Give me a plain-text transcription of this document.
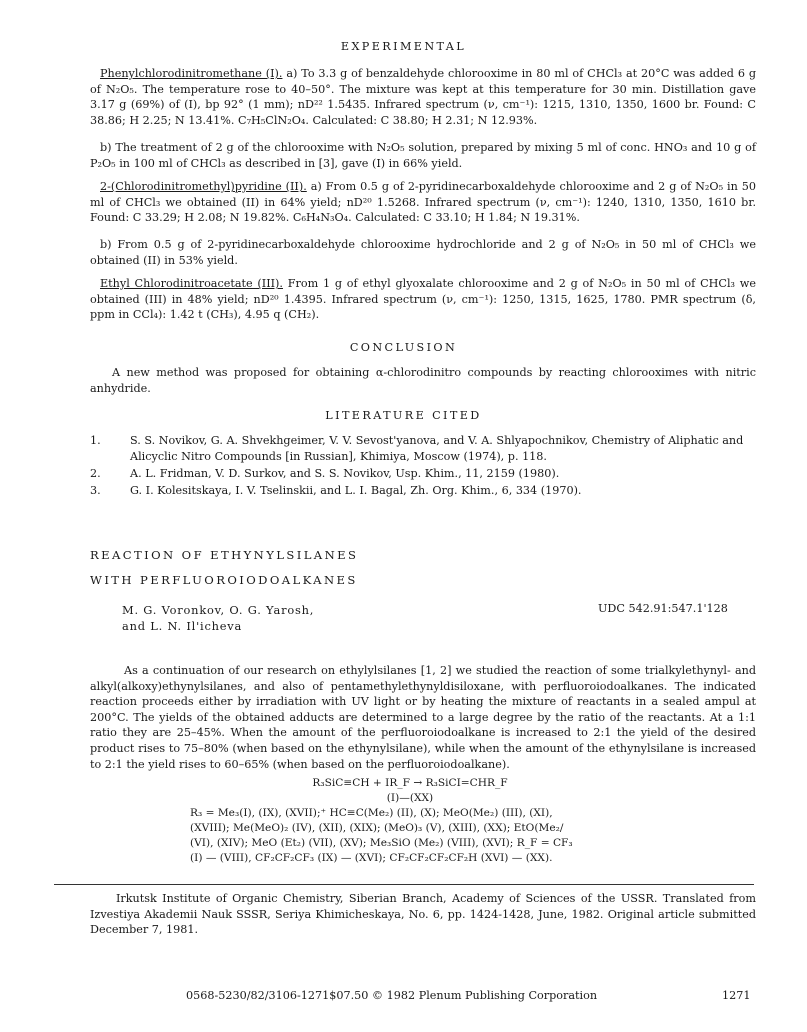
EXPERIMENTAL
Phenylchlorodinitromethane (I). a) To 3.3 g of benzaldehyde chlorooxime in 80 ml of CHCl₃ at 20°C was added 6 g of N₂O₅. The temperature rose to 40–50°. The mixture was kept at this temperature for 30 min. Distillation gave 3.17 g (69%) of (I), bp 92° (1 mm); nD²² 1.5435. Infrared spectrum (ν, cm⁻¹): 1215, 1310, 1350, 1600 br. Found: C 38.86; H 2.25; N 13.41%. C₇H₅ClN₂O₄. Calculated: C 38.80; H 2.31; N 12.93%.
b) The treatment of 2 g of the chlorooxime with N₂O₅ solution, prepared by mixing 5 ml of conc. HNO₃ and 10 g of P₂O₅ in 100 ml of CHCl₃ as described in [3], gave (I) in 66% yield.
2-(Chlorodinitromethyl)pyridine (II). a) From 0.5 g of 2-pyridinecarboxaldehyde chlorooxime and 2 g of N₂O₅ in 50 ml of CHCl₃ we obtained (II) in 64% yield; nD²⁰ 1.5268. Infrared spectrum (ν, cm⁻¹): 1240, 1310, 1350, 1610 br. Found: C 33.29; H 2.08; N 19.82%. C₆H₄N₃O₄. Calculated: C 33.10; H 1.84; N 19.31%.
b) From 0.5 g of 2-pyridinecarboxaldehyde chlorooxime hydrochloride and 2 g of N₂O₅ in 50 ml of CHCl₃ we obtained (II) in 53% yield.
Ethyl Chlorodinitroacetate (III). From 1 g of ethyl glyoxalate chlorooxime and 2 g of N₂O₅ in 50 ml of CHCl₃ we obtained (III) in 48% yield; nD²⁰ 1.4395. Infrared spectrum (ν, cm⁻¹): 1250, 1315, 1625, 1780. PMR spectrum (δ, ppm in CCl₄): 1.42 t (CH₃), 4.95 q (CH₂).
CONCLUSION
A new method was proposed for obtaining α-chlorodinitro compounds by reacting chlorooximes with nitric anhydride.
LITERATURE CITED
1.	S. S. Novikov, G. A. Shvekhgeimer, V. V. Sevost'yanova, and V. A. Shlyapochnikov, Chemistry of Aliphatic and Alicyclic Nitro Compounds [in Russian], Khimiya, Moscow (1974), p. 118.
2.	A. L. Fridman, V. D. Surkov, and S. S. Novikov, Usp. Khim., 11, 2159 (1980).
3.	G. I. Kolesitskaya, I. V. Tselinskii, and L. I. Bagal, Zh. Org. Khim., 6, 334 (1970).
REACTION OF ETHYNYLSILANES
WITH PERFLUOROIODOALKANES
M. G. Voronkov, O. G. Yarosh,
and L. N. Il'icheva
UDC 542.91:547.1'128
As a continuation of our research on ethylylsilanes [1, 2] we studied the reaction of some trialkylethynyl- and alkyl(alkoxy)ethynylsilanes, and also of pentamethylethynyldisiloxane, with perfluoroiodoalkanes. The indicated reaction proceeds either by irradiation with UV light or by heating the mixture of reactants in a sealed ampul at 200°C. The yields of the obtained adducts are determined to a large degree by the ratio of the reactants. At a 1:1 ratio they are 25–45%. When the amount of the perfluoroiodoalkane is increased to 2:1 the yield of the desired product rises to 75–80% (when based on the ethynylsilane), while when the amount of the ethynylsilane is increased to 2:1 the yield rises to 60–65% (when based on the perfluoroiodoalkane).
R₃SiC≡CH + IR_F → R₃SiCI=CHR_F
(I)—(XX)
R₃ = Me₃(I), (IX), (XVII);⁺ HC≡C(Me₂) (II), (X); MeO(Me₂) (III), (XI),
(XVIII); Me(MeO)₂ (IV), (XII), (XIX); (MeO)₃ (V), (XIII), (XX); EtO(Me₂/
(VI), (XIV); MeO (Et₂) (VII), (XV); Me₃SiO (Me₂) (VIII), (XVI); R_F = CF₃
(I) — (VIII), CF₂CF₂CF₃ (IX) — (XVI); CF₂CF₂CF₂CF₂H (XVI) — (XX).
Irkutsk Institute of Organic Chemistry, Siberian Branch, Academy of Sciences of the USSR. Translated from Izvestiya Akademii Nauk SSSR, Seriya Khimicheskaya, No. 6, pp. 1424-1428, June, 1982. Original article submitted December 7, 1981.
0568-5230/82/3106-1271$07.50 © 1982 Plenum Publishing Corporation	1271
